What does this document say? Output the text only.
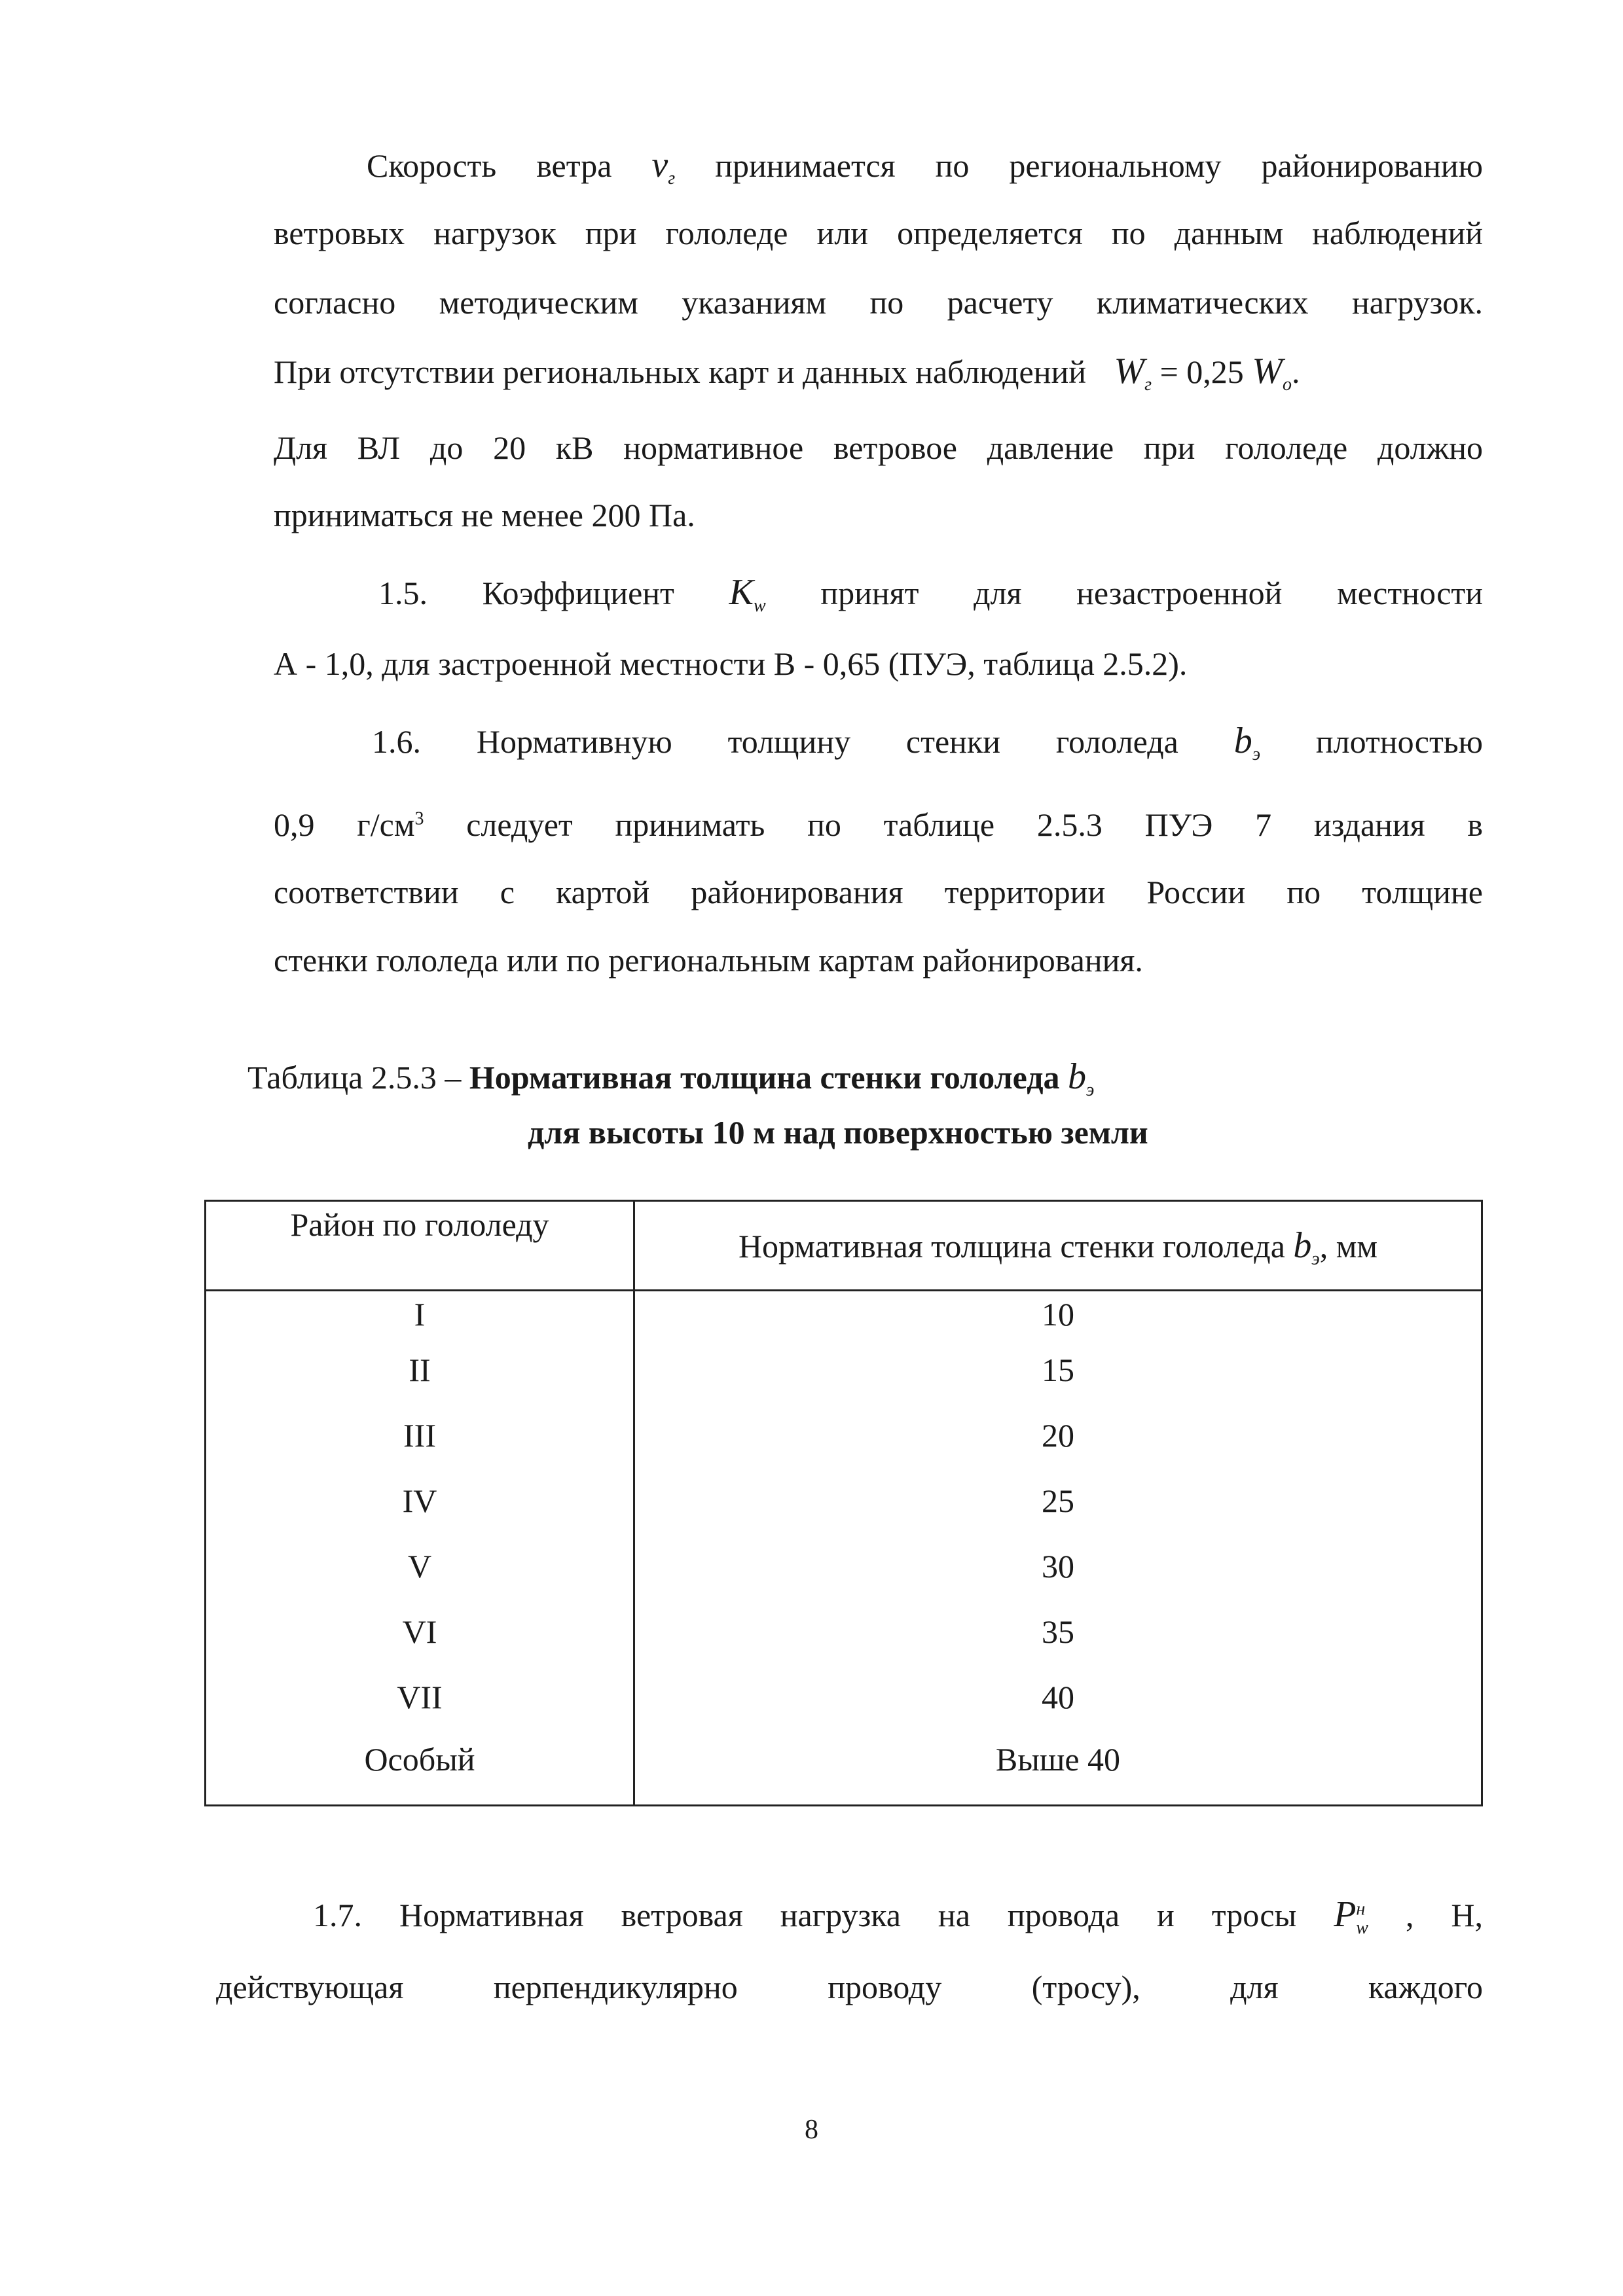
Скорость ветра $v_г$ принимается по региональному районированию
ветровых нагрузок при гололеде или определяется по данным наблюдений
согласно методическим указаниям по расчету климатических нагрузок.
При отсутствии региональных карт и данных наблюдений $W_г = 0,25$ $W_o$.
Для ВЛ до 20 кВ нормативное ветровое давление при гололеде должно
приниматься не менее 200 Па.
1.5. Коэффициент $K_w$ принят для незастроенной местности
А - 1,0, для застроенной местности В - 0,65 (ПУЭ, таблица 2.5.2).
1.6. Нормативную толщину стенки гололеда $b_э$ плотностью
0,9 $г/см^3$ следует принимать по таблице 2.5.3 ПУЭ 7 издания в
соответствии с картой районирования территории России по толщине
стенки гололеда или по региональным картам районирования.
Таблица 2.5.3 – Нормативная толщина стенки гололеда $b_э$
для высоты 10 м над поверхностью земли
Район по гололеду	Нормативная толщина стенки гололеда $b_э$, мм
I	10
II	15
III	20
IV	25
V	30
VI	35
VII	40
Особый	Выше 40
1.7. Нормативная ветровая нагрузка на провода и тросы $P^н_w$ , Н,
действующая перпендикулярно проводу (тросу), для каждого
8
